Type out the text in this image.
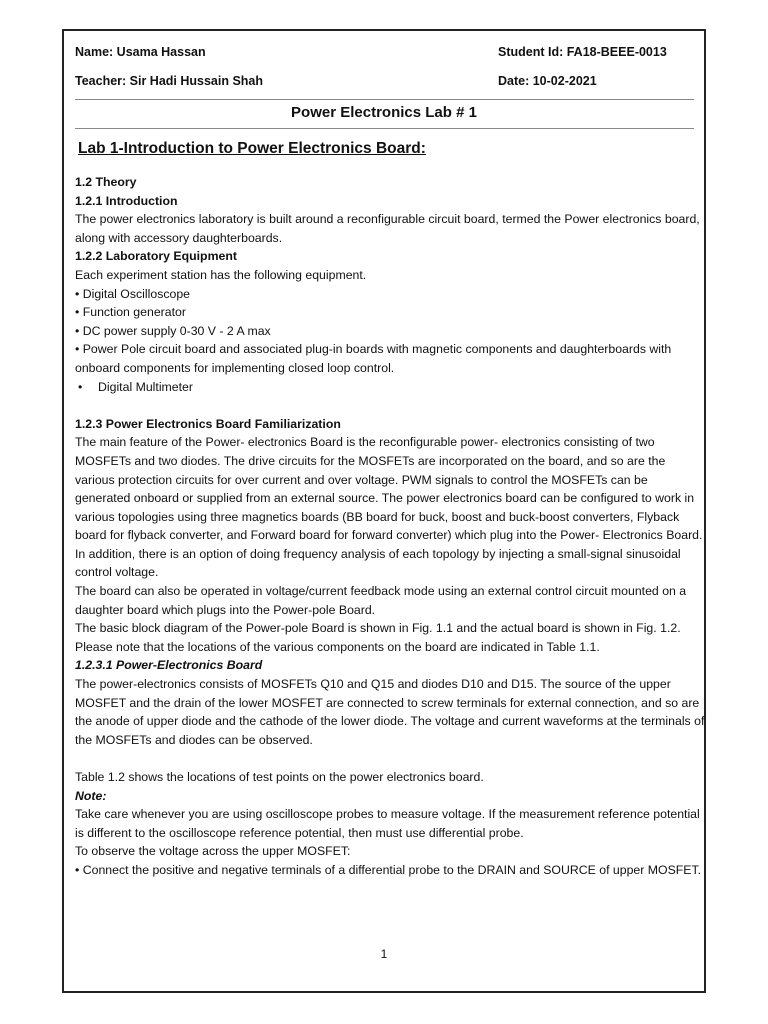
Name: Usama Hassan	Student Id: FA18-BEEE-0013
Teacher: Sir Hadi Hussain Shah	Date: 10-02-2021
Power Electronics Lab # 1
Lab 1-Introduction to Power Electronics Board:

1.2 Theory

1.2.1 Introduction

The power electronics laboratory is built around a reconfigurable circuit board, termed the Power electronics board, along with accessory daughterboards.

1.2.2 Laboratory Equipment

Each experiment station has the following equipment.

• Digital Oscilloscope

• Function generator

• DC power supply 0-30 V - 2 A max

• Power Pole circuit board and associated plug-in boards with magnetic components and daughterboards with onboard components for implementing closed loop control.

• Digital Multimeter

1.2.3 Power Electronics Board Familiarization

The main feature of the Power- electronics Board is the reconfigurable power- electronics consisting of two MOSFETs and two diodes. The drive circuits for the MOSFETs are incorporated on the board, and so are the various protection circuits for over current and over voltage. PWM signals to control the MOSFETs can be generated onboard or supplied from an external source. The power electronics board can be configured to work in various topologies using three magnetics boards (BB board for buck, boost and buck-boost converters, Flyback board for flyback converter, and Forward board for forward converter) which plug into the Power- Electronics Board. In addition, there is an option of doing frequency analysis of each topology by injecting a small-signal sinusoidal control voltage.

The board can also be operated in voltage/current feedback mode using an external control circuit mounted on a daughter board which plugs into the Power-pole Board.

The basic block diagram of the Power-pole Board is shown in Fig. 1.1 and the actual board is shown in Fig. 1.2. Please note that the locations of the various components on the board are indicated in Table 1.1.

1.2.3.1 Power-Electronics Board

The power-electronics consists of MOSFETs Q10 and Q15 and diodes D10 and D15. The source of the upper MOSFET and the drain of the lower MOSFET are connected to screw terminals for external connection, and so are the anode of upper diode and the cathode of the lower diode. The voltage and current waveforms at the terminals of the MOSFETs and diodes can be observed.

Table 1.2 shows the locations of test points on the power electronics board.

Note:

Take care whenever you are using oscilloscope probes to measure voltage. If the measurement reference potential is different to the oscilloscope reference potential, then must use differential probe.

To observe the voltage across the upper MOSFET:

• Connect the positive and negative terminals of a differential probe to the DRAIN and SOURCE of upper MOSFET.

1
